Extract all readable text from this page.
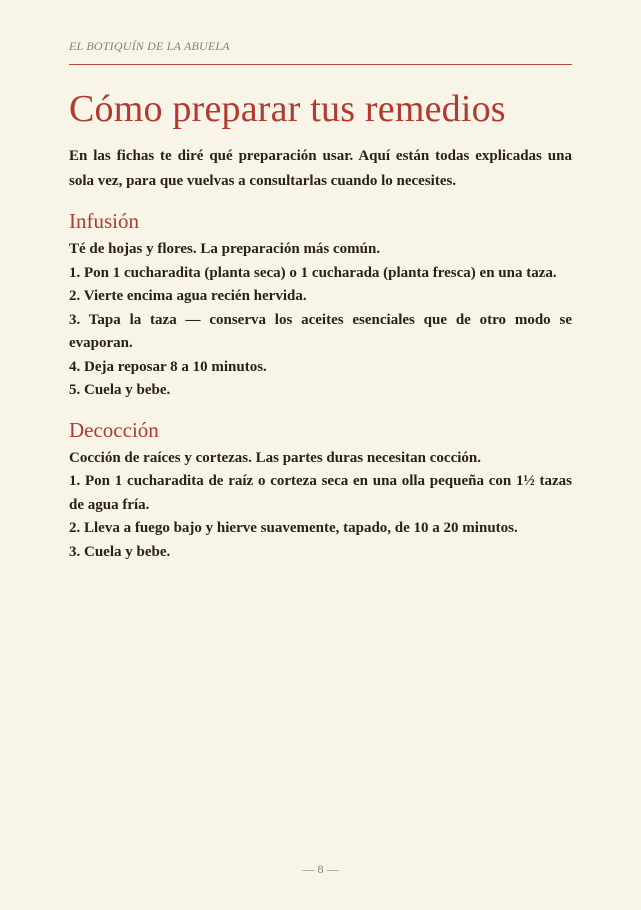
EL BOTIQUÍN DE LA ABUELA
Cómo preparar tus remedios

En las fichas te diré qué preparación usar. Aquí están todas explicadas una sola vez, para que vuelvas a consultarlas cuando lo necesites.

Infusión

Té de hojas y flores. La preparación más común.

1. Pon 1 cucharadita (planta seca) o 1 cucharada (planta fresca) en una taza.

2. Vierte encima agua recién hervida.

3. Tapa la taza — conserva los aceites esenciales que de otro modo se evaporan.

4. Deja reposar 8 a 10 minutos.

5. Cuela y bebe.

Decocción

Cocción de raíces y cortezas. Las partes duras necesitan cocción.

1. Pon 1 cucharadita de raíz o corteza seca en una olla pequeña con 1½ tazas de agua fría.

2. Lleva a fuego bajo y hierve suavemente, tapado, de 10 a 20 minutos.

3. Cuela y bebe.

— 8 —
